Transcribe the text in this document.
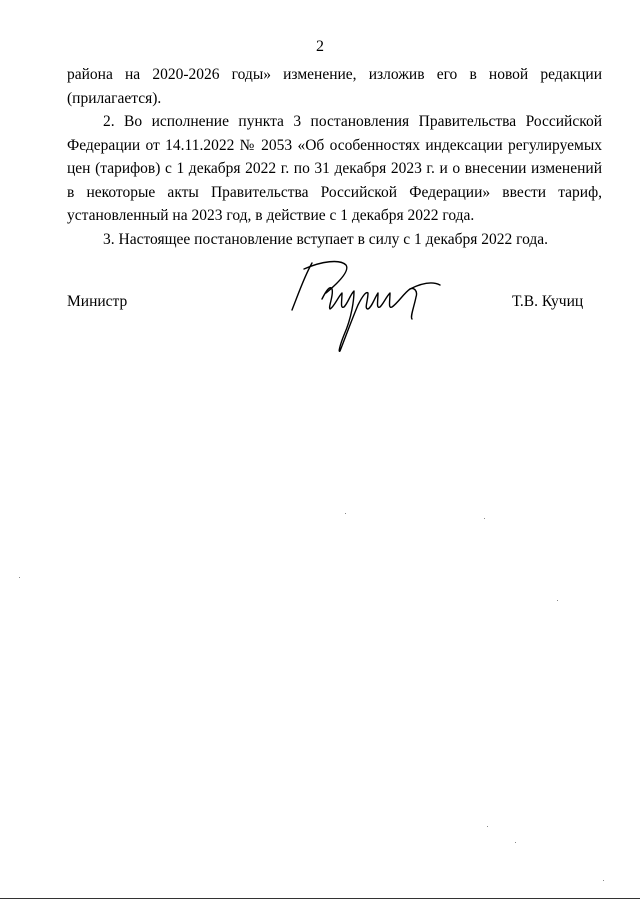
2

района на 2020-2026 годы» изменение, изложив его в новой редакции (прилагается).

2. Во исполнение пункта 3 постановления Правительства Российской Федерации от 14.11.2022 № 2053 «Об особенностях индексации регулируемых цен (тарифов) с 1 декабря 2022 г. по 31 декабря 2023 г. и о внесении изменений в некоторые акты Правительства Российской Федерации» ввести тариф, установленный на 2023 год, в действие с 1 декабря 2022 года.

3. Настоящее постановление вступает в силу с 1 декабря 2022 года.

Министр	Т.В. Кучиц
